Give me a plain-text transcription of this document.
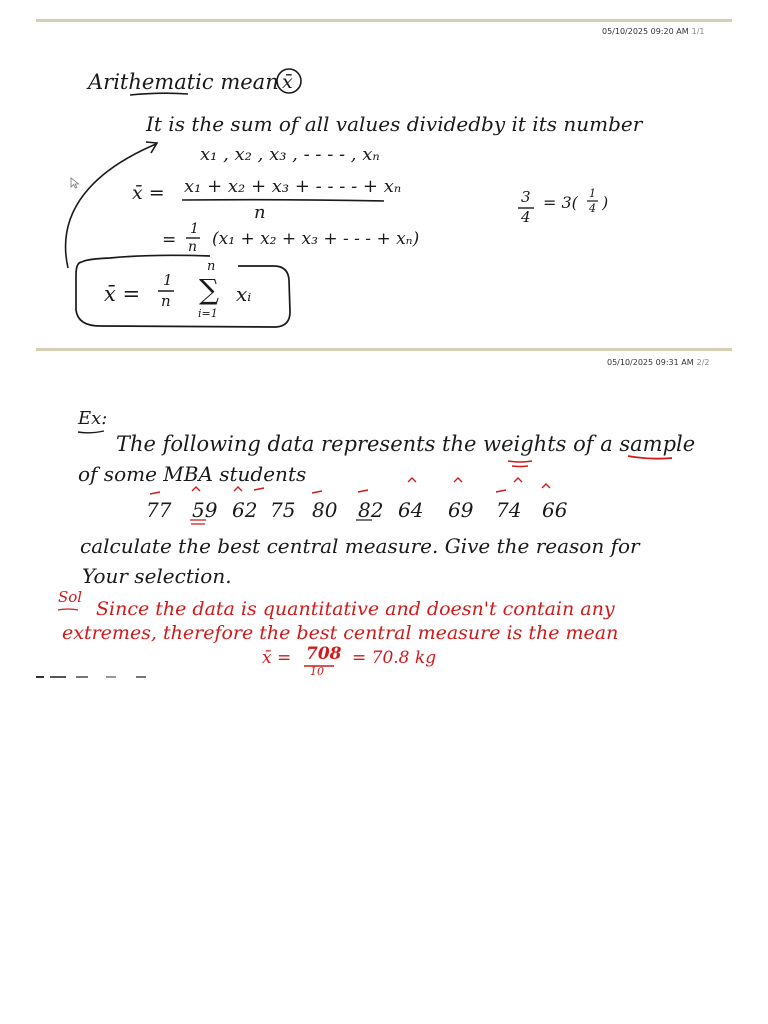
05/10/2025 09:20 AM 1/1
Arithematic mean x̄
It is the sum of all values dividedby it its number
x₁ , x₂ , x₃ , - - - - , xₙ
x̄ = x₁ + x₂ + x₃ + - - - - + xₙ
n
=
1
n (x₁ + x₂ + x₃ + - - - + xₙ)
3
4
= 3( 1
4 )
x̄ =
1
n
n
∑
i=1
xᵢ
05/10/2025 09:31 AM 2/2
Ex:
The following data represents the weights of a sample
of some MBA students
77 59 62 75 80 82 64 69 74 66
calculate the best central measure. Give the reason for
Your selection.
Sol
Since the data is quantitative and doesn't contain any
extremes, therefore the best central measure is the mean
x̄ = 708
10
= 70.8 kg
